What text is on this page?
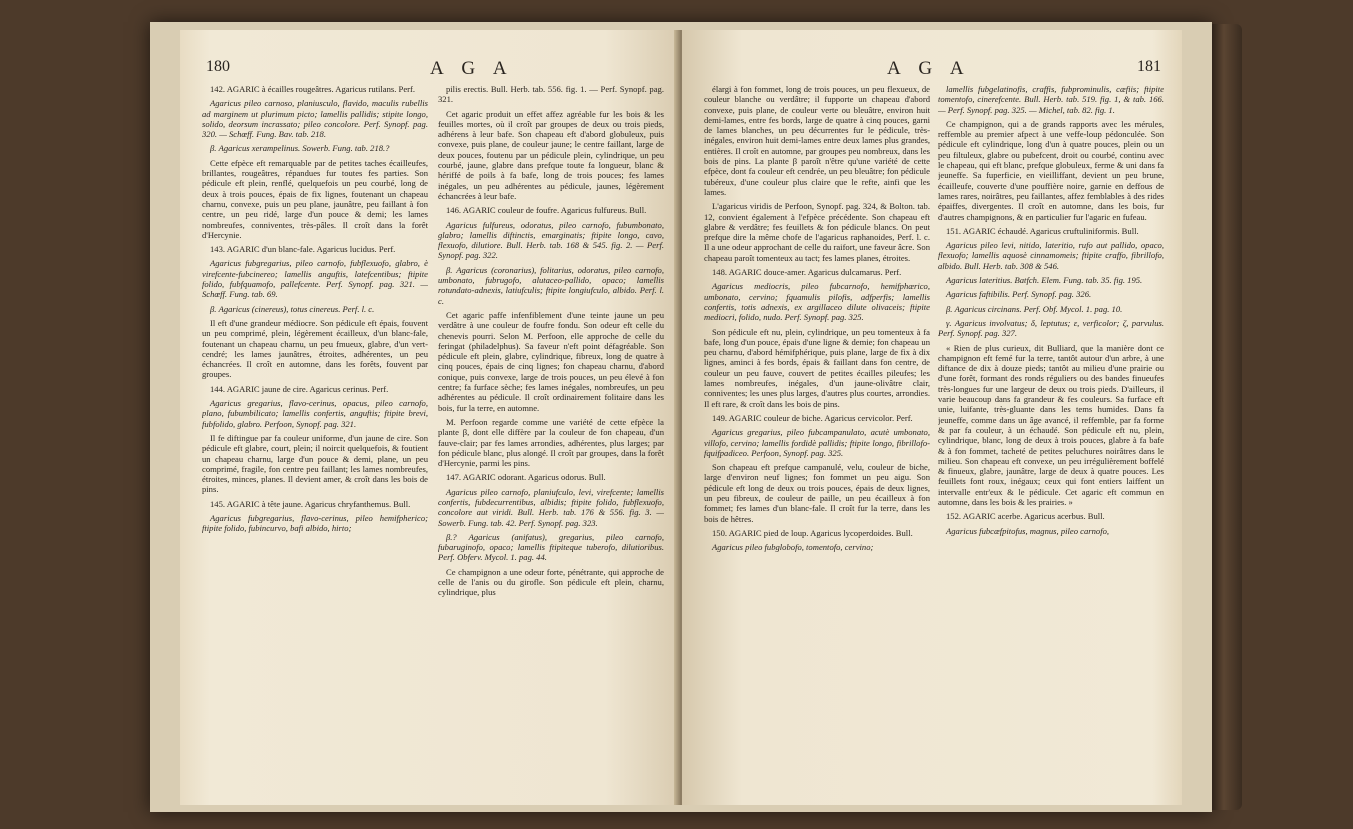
180	A G A

142. AGARIC à écailles rougeâtres. Agaricus rutilans. Perf.

Agaricus pileo carnoso, planiusculo, flavido, maculis rubellis ad marginem ut plurimum picto; lamellis pallidis; stipite longo, solido, deorsum incrassato; pileo concolore. Perf. Synopf. pag. 320. — Schœff. Fung. Bav. tab. 218.

β. Agaricus xerampelinus. Sowerb. Fung. tab. 218.?

Cette efpèce eft remarquable par de petites taches écailleufes, brillantes, rougeâtres, répandues fur toutes fes parties. Son pédicule eft plein, renflé, quelquefois un peu courbé, long de deux à trois pouces, épais de fix lignes, foutenant un chapeau charnu, convexe, puis un peu plane, jaunâtre, peu faillant à fon centre, un peu ridé, large d'un pouce & demi; les lames nombreufes, conniventes, très-pâles. Il croît dans la forêt d'Hercynie.

143. AGARIC d'un blanc-fale. Agaricus lucidus. Perf.

Agaricus fubgregarius, pileo carnofo, fubflexuofo, glabro, è virefcente-fubcinereo; lamellis anguftis, latefcentibus; ftipite folido, fubfquamofo, pallefcente. Perf. Synopf. pag. 321. — Schœff. Fung. tab. 69.

β. Agaricus (cinereus), totus cinereus. Perf. l. c.

Il eft d'une grandeur médiocre. Son pédicule eft épais, fouvent un peu comprimé, plein, légèrement écailleux, d'un blanc-fale, foutenant un chapeau charnu, un peu fmueux, glabre, d'un vert-cendré; les lames jaunâtres, étroites, adhérentes, un peu échancrées. Il croît en automne, dans les forêts, fouvent par groupes.

144. AGARIC jaune de cire. Agaricus cerinus. Perf.

Agaricus gregarius, flavo-cerinus, opacus, pileo carnofo, plano, fubumbilicato; lamellis confertis, anguftis; ftipite brevi, fubfolido, glabro. Perfoon, Synopf. pag. 321.

Il fe diftingue par fa couleur uniforme, d'un jaune de cire. Son pédicule eft glabre, court, plein; il noircit quelquefois, & foutient un chapeau charnu, large d'un pouce & demi, plane, un peu comprimé, fragile, fon centre peu faillant; les lames nombreufes, étroites, minces, planes. Il devient amer, & croît dans les bois de pins.

145. AGARIC à tête jaune. Agaricus chryfanthemus. Bull.

Agaricus fubgregarius, flavo-cerinus, pileo hemifpherico; ftipite folido, fubincurvo, bafi albido, hirto;

pilis erectis. Bull. Herb. tab. 556. fig. 1. — Perf. Synopf. pag. 321.

Cet agaric produit un effet affez agréable fur les bois & les feuilles mortes, où il croît par groupes de deux ou trois pieds, adhérens à leur bafe. Son chapeau eft d'abord globuleux, puis convexe, puis plane, de couleur jaune; le centre faillant, large de deux pouces, foutenu par un pédicule plein, cylindrique, un peu courbé, jaune, glabre dans prefque toute fa longueur, blanc & hériffé de poils à fa bafe, long de trois pouces; fes lames inégales, un peu adhérentes au pédicule, jaunes, légèrement échancrées à leur bafe.

146. AGARIC couleur de foufre. Agaricus fulfureus. Bull.

Agaricus fulfureus, odoratus, pileo carnofo, fubumbonato, glabro; lamellis diftinctis, emarginatis; ftipite longo, cavo, flexuofo, dilutiore. Bull. Herb. tab. 168 & 545. fig. 2. — Perf. Synopf. pag. 322.

β. Agaricus (coronarius), folitarius, odoratus, pileo carnofo, umbonato, fubrugofo, alutaceo-pallido, opaco; lamellis rotundato-adnexis, latiufculis; ftipite longiufculo, albido. Perf. l. c.

Cet agaric paffe infenfiblement d'une teinte jaune un peu verdâtre à une couleur de foufre fondu. Son odeur eft celle du chenevis pourri. Selon M. Perfoon, elle approche de celle du feringat (philadelphus). Sa faveur n'eft point défagréable. Son pédicule eft plein, glabre, cylindrique, fibreux, long de quatre à cinq pouces, épais de cinq lignes; fon chapeau charnu, d'abord conique, puis convexe, large de trois pouces, un peu élevé à fon centre; fa furface sèche; fes lames inégales, nombreufes, un peu adhérentes au pédicule. Il croît ordinairement folitaire dans les bois, fur la terre, en automne.

M. Perfoon regarde comme une variété de cette efpèce la plante β, dont elle diffère par la couleur de fon chapeau, d'un fauve-clair; par fes lames arrondies, adhérentes, plus larges; par fon pédicule blanc, plus alongé. Il croît par groupes, dans la forêt d'Hercynie, parmi les pins.

147. AGARIC odorant. Agaricus odorus. Bull.

Agaricus pileo carnofo, planiufculo, levi, virefcente; lamellis confertis, fubdecurrentibus, albidis; ftipite folido, fubflexuofo, concolore aut viridi. Bull. Herb. tab. 176 & 556. fig. 3. — Sowerb. Fung. tab. 42. Perf. Synopf. pag. 323.

β.? Agaricus (anifatus), gregarius, pileo carnofo, fubaruginofo, opaco; lamellis ftipiteque tuberofo, dilutioribus. Perf. Obferv. Mycol. 1. pag. 44.

Ce champignon a une odeur forte, pénétrante, qui approche de celle de l'anis ou du girofle. Son pédicule eft plein, charnu, cylindrique, plus

A G A	181

élargi à fon fommet, long de trois pouces, un peu flexueux, de couleur blanche ou verdâtre; il fupporte un chapeau d'abord convexe, puis plane, de couleur verte ou bleuâtre, environ huit demi-lames, entre fes bords, large de quatre à cinq pouces, garni de lames blanches, un peu décurrentes fur le pédicule, très-inégales, environ huit demi-lames entre deux lames plus grandes, entières. Il croît en automne, par groupes peu nombreux, dans les bois de pins. La plante β paroît n'être qu'une variété de cette efpèce, dont fa couleur eft cendrée, un peu bleuâtre; fon pédicule tubéreux, d'une couleur plus claire que le refte, ainfi que les lames.

L'agaricus viridis de Perfoon, Synopf. pag. 324, & Bolton. tab. 12, convient également à l'efpèce précédente. Son chapeau eft glabre & verdâtre; fes feuillets & fon pédicule blancs. On peut prefque dire la même chofe de l'agaricus raphanoides, Perf. l. c. Il a une odeur approchant de celle du raifort, une faveur âcre. Son chapeau paroît tomenteux au tact; fes lames planes, étroites.

148. AGARIC douce-amer. Agaricus dulcamarus. Perf.

Agaricus mediocris, pileo fubcarnofo, hemifphærico, umbonato, cervino; fquamulis pilofis, adfperfis; lamellis confertis, totis adnexis, ex argillaceo dilute olivaceis; ftipite mediocri, folido, nudo. Perf. Synopf. pag. 325.

Son pédicule eft nu, plein, cylindrique, un peu tomenteux à fa bafe, long d'un pouce, épais d'une ligne & demie; fon chapeau un peu charnu, d'abord hémifphérique, puis plane, large de fix à dix lignes, aminci à fes bords, épais & faillant dans fon centre, de couleur un peu fauve, couvert de petites écailles pileufes; les lames nombreufes, inégales, d'un jaune-olivâtre clair, conniventes; les unes plus larges, d'autres plus courtes, arrondies. Il eft rare, & croît dans les bois de pins.

149. AGARIC couleur de biche. Agaricus cervicolor. Perf.

Agaricus gregarius, pileo fubcampanulato, acutè umbonato, villofo, cervino; lamellis fordidè pallidis; ftipite longo, fibrillofo-fquifpadiceo. Perfoon, Synopf. pag. 325.

Son chapeau eft prefque campanulé, velu, couleur de biche, large d'environ neuf lignes; fon fommet un peu aigu. Son pédicule eft long de deux ou trois pouces, épais de deux lignes, un peu fibreux, de couleur de paille, un peu écailleux à fon fommet; fes lames d'un blanc-fale. Il croît fur la terre, dans les bois de hêtres.

150. AGARIC pied de loup. Agaricus lycoperdoides. Bull.

Agaricus pileo fubglobofo, tomentofo, cervino;

lamellis fubgelatinofis, craffis, fubprominulis, cæfiis; ftipite tomentofo, cinerefcente. Bull. Herb. tab. 519. fig. 1, & tab. 166. — Perf. Synopf. pag. 325. — Michel, tab. 82. fig. 1.

Ce champignon, qui a de grands rapports avec les mérules, reffemble au premier afpect à une veffe-loup pédonculée. Son pédicule eft cylindrique, long d'un à quatre pouces, plein ou un peu filtuleux, glabre ou pubefcent, droit ou courbé, continu avec le chapeau, qui eft blanc, prefque globuleux, ferme & uni dans fa jeuneffe. Sa fuperficie, en vieilliffant, devient un peu brune, écailleufe, couverte d'une pouffière noire, garnie en deffous de lames rares, noirâtres, peu faillantes, affez femblables à des rides épaiffes, divergentes. Il croît en automne, dans les bois, fur d'autres champignons, & en particulier fur l'agaric en fufeau.

151. AGARIC échaudé. Agaricus cruftuliniformis. Bull.

Agaricus pileo levi, nitido, lateritio, rufo aut pallido, opaco, flexuofo; lamellis aquosè cinnamomeis; ftipite craffo, fibrillofo, albido. Bull. Herb. tab. 308 & 546.

Agaricus lateritius. Batfch. Elem. Fung. tab. 35. fig. 195.

Agaricus faftibilis. Perf. Synopf. pag. 326.

β. Agaricus circinans. Perf. Obf. Mycol. 1. pag. 10.

γ. Agaricus involvatus; δ, leptutus; ε, verficolor; ζ, parvulus. Perf. Synopf. pag. 327.

« Rien de plus curieux, dit Bulliard, que la manière dont ce champignon eft femé fur la terre, tantôt autour d'un arbre, à une diftance de dix à douze pieds; tantôt au milieu d'une prairie ou d'une forêt, formant des ronds réguliers ou des bandes finueufes très-longues fur une largeur de deux ou trois pieds. D'ailleurs, il varie beaucoup dans fa grandeur & fes couleurs. Sa furface eft unie, luifante, très-gluante dans les tems humides. Dans fa jeuneffe, comme dans un âge avancé, il reffemble, par fa forme & par fa couleur, à un échaudé. Son pédicule eft nu, plein, cylindrique, blanc, long de deux à trois pouces, glabre à fa bafe & à fon fommet, tacheté de petites peluchures noirâtres dans le milieu. Son chapeau eft convexe, un peu irrégulièrement boffelé & finueux, glabre, jaunâtre, large de deux à quatre pouces. Les feuillets font roux, inégaux; ceux qui font entiers laiffent un intervalle entr'eux & le pédicule. Cet agaric eft commun en automne, dans les bois & les prairies. »

152. AGARIC acerbe. Agaricus acerbus. Bull.

Agaricus fubcæfpitofus, magnus, pileo carnofo,
